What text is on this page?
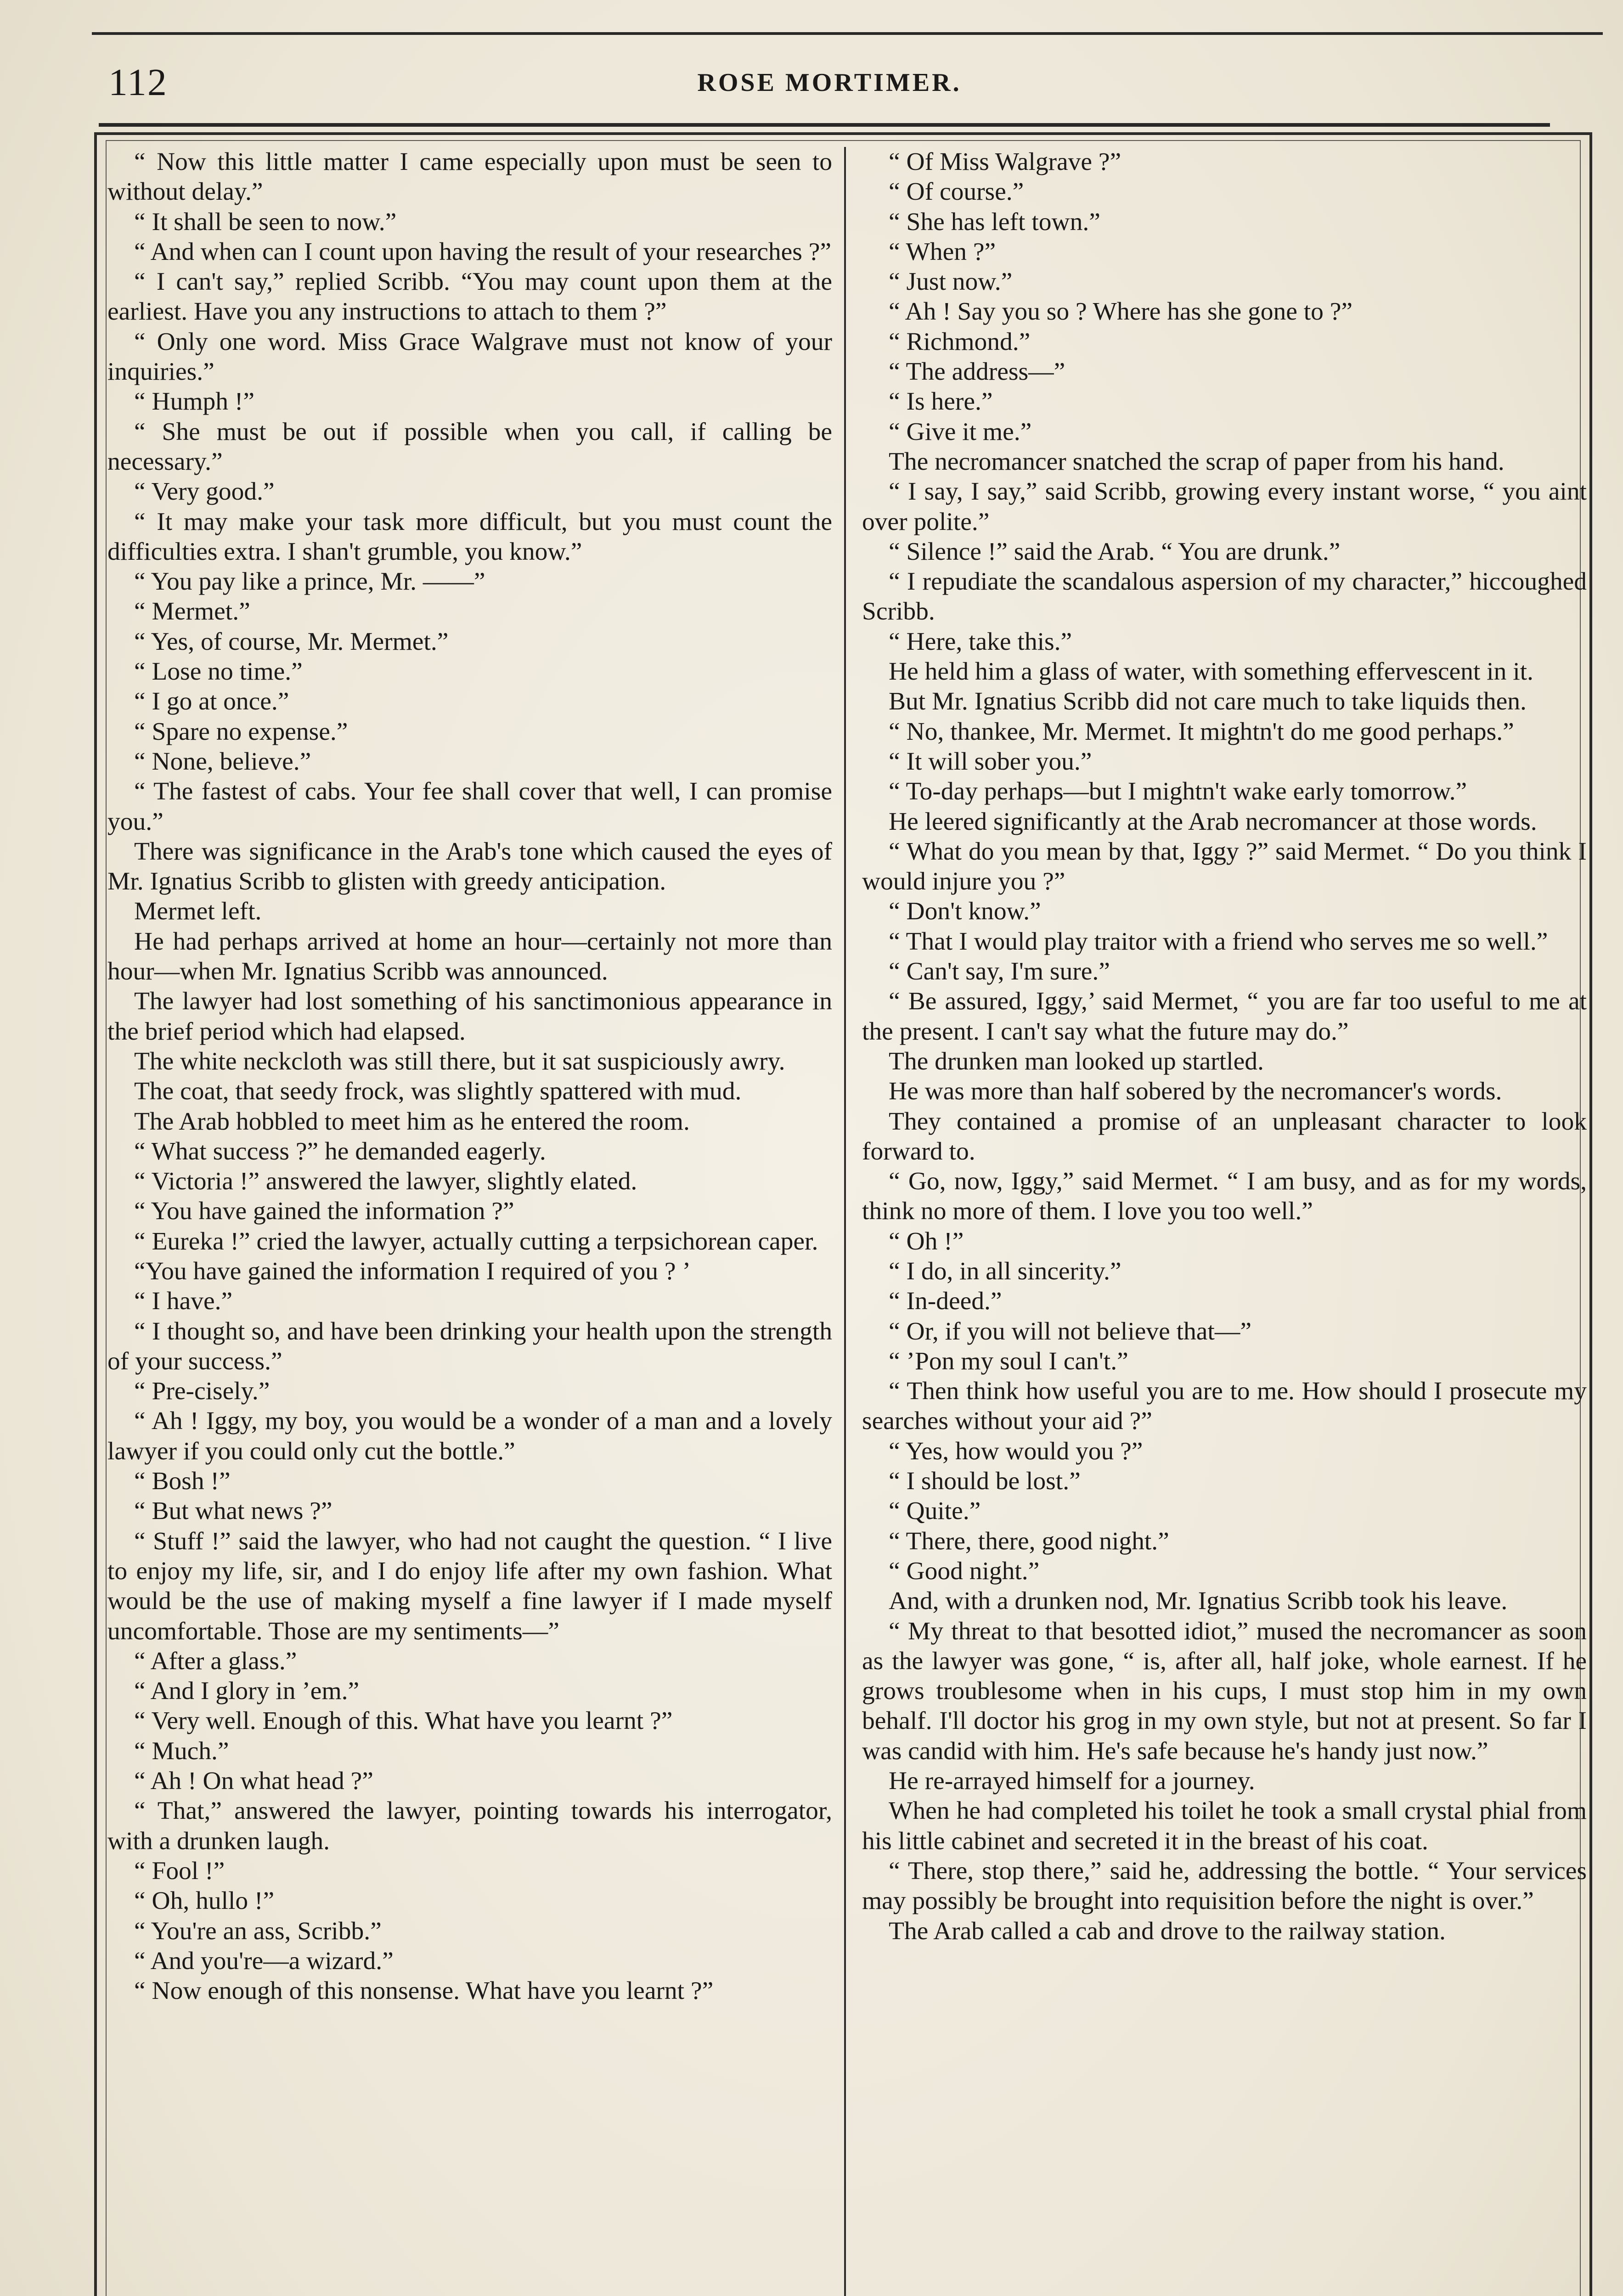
112	ROSE MORTIMER.

“ Now this little matter I came especially upon must be seen to without delay.”

“ It shall be seen to now.”

“ And when can I count upon having the result of your researches ?”

“ I can't say,” replied Scribb. “You may count upon them at the earliest. Have you any instructions to attach to them ?”

“ Only one word. Miss Grace Walgrave must not know of your inquiries.”

“ Humph !”

“ She must be out if possible when you call, if calling be necessary.”

“ Very good.”

“ It may make your task more difficult, but you must count the difficulties extra. I shan't grumble, you know.”

“ You pay like a prince, Mr. ——”

“ Mermet.”

“ Yes, of course, Mr. Mermet.”

“ Lose no time.”

“ I go at once.”

“ Spare no expense.”

“ None, believe.”

“ The fastest of cabs. Your fee shall cover that well, I can promise you.”

There was significance in the Arab's tone which caused the eyes of Mr. Ignatius Scribb to glisten with greedy anticipation.

Mermet left.

He had perhaps arrived at home an hour—certainly not more than hour—when Mr. Ignatius Scribb was announced.

The lawyer had lost something of his sanctimonious appearance in the brief period which had elapsed.

The white neckcloth was still there, but it sat suspiciously awry.

The coat, that seedy frock, was slightly spattered with mud.

The Arab hobbled to meet him as he entered the room.

“ What success ?” he demanded eagerly.

“ Victoria !” answered the lawyer, slightly elated.

“ You have gained the information ?”

“ Eureka !” cried the lawyer, actually cutting a terpsichorean caper.

“You have gained the information I required of you ? ’

“ I have.”

“ I thought so, and have been drinking your health upon the strength of your success.”

“ Pre-cisely.”

“ Ah ! Iggy, my boy, you would be a wonder of a man and a lovely lawyer if you could only cut the bottle.”

“ Bosh !”

“ But what news ?”

“ Stuff !” said the lawyer, who had not caught the question. “ I live to enjoy my life, sir, and I do enjoy life after my own fashion. What would be the use of making myself a fine lawyer if I made myself uncomfortable. Those are my sentiments—”

“ After a glass.”

“ And I glory in ’em.”

“ Very well. Enough of this. What have you learnt ?”

“ Much.”

“ Ah ! On what head ?”

“ That,” answered the lawyer, pointing towards his interrogator, with a drunken laugh.

“ Fool !”

“ Oh, hullo !”

“ You're an ass, Scribb.”

“ And you're—a wizard.”

“ Now enough of this nonsense. What have you learnt ?”

“ Of Miss Walgrave ?”

“ Of course.”

“ She has left town.”

“ When ?”

“ Just now.”

“ Ah ! Say you so ? Where has she gone to ?”

“ Richmond.”

“ The address—”

“ Is here.”

“ Give it me.”

The necromancer snatched the scrap of paper from his hand.

“ I say, I say,” said Scribb, growing every instant worse, “ you aint over polite.”

“ Silence !” said the Arab. “ You are drunk.”

“ I repudiate the scandalous aspersion of my character,” hiccoughed Scribb.

“ Here, take this.”

He held him a glass of water, with something effervescent in it.

But Mr. Ignatius Scribb did not care much to take liquids then.

“ No, thankee, Mr. Mermet. It mightn't do me good perhaps.”

“ It will sober you.”

“ To-day perhaps—but I mightn't wake early tomorrow.”

He leered significantly at the Arab necromancer at those words.

“ What do you mean by that, Iggy ?” said Mermet. “ Do you think I would injure you ?”

“ Don't know.”

“ That I would play traitor with a friend who serves me so well.”

“ Can't say, I'm sure.”

“ Be assured, Iggy,’ said Mermet, “ you are far too useful to me at the present. I can't say what the future may do.”

The drunken man looked up startled.

He was more than half sobered by the necromancer's words.

They contained a promise of an unpleasant character to look forward to.

“ Go, now, Iggy,” said Mermet. “ I am busy, and as for my words, think no more of them. I love you too well.”

“ Oh !”

“ I do, in all sincerity.”

“ In-deed.”

“ Or, if you will not believe that—”

“ ’Pon my soul I can't.”

“ Then think how useful you are to me. How should I prosecute my searches without your aid ?”

“ Yes, how would you ?”

“ I should be lost.”

“ Quite.”

“ There, there, good night.”

“ Good night.”

And, with a drunken nod, Mr. Ignatius Scribb took his leave.

“ My threat to that besotted idiot,” mused the necromancer as soon as the lawyer was gone, “ is, after all, half joke, whole earnest. If he grows troublesome when in his cups, I must stop him in my own behalf. I'll doctor his grog in my own style, but not at present. So far I was candid with him. He's safe because he's handy just now.”

He re-arrayed himself for a journey.

When he had completed his toilet he took a small crystal phial from his little cabinet and secreted it in the breast of his coat.

“ There, stop there,” said he, addressing the bottle. “ Your services may possibly be brought into requisition before the night is over.”

The Arab called a cab and drove to the railway station.
